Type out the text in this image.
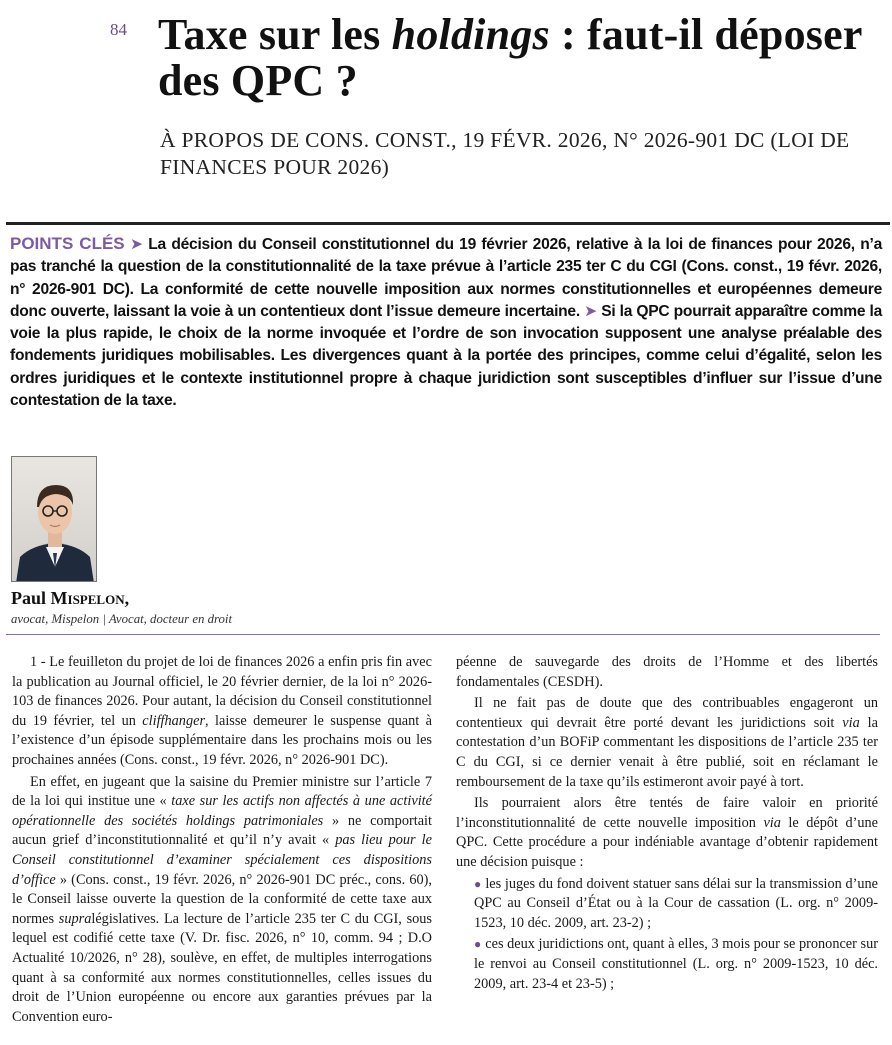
84 Taxe sur les holdings : faut-il déposer des QPC ?
À PROPOS DE CONS. CONST., 19 FÉVR. 2026, N° 2026-901 DC (LOI DE FINANCES POUR 2026)
POINTS CLÉS ➤ La décision du Conseil constitutionnel du 19 février 2026, relative à la loi de finances pour 2026, n’a pas tranché la question de la constitutionnalité de la taxe prévue à l’article 235 ter C du CGI (Cons. const., 19 févr. 2026, n° 2026-901 DC). La conformité de cette nouvelle imposition aux normes constitutionnelles et européennes demeure donc ouverte, laissant la voie à un contentieux dont l’issue demeure incertaine. ➤ Si la QPC pourrait apparaître comme la voie la plus rapide, le choix de la norme invoquée et l’ordre de son invocation supposent une analyse préalable des fondements juridiques mobilisables. Les divergences quant à la portée des principes, comme celui d’égalité, selon les ordres juridiques et le contexte institutionnel propre à chaque juridiction sont susceptibles d’influer sur l’issue d’une contestation de la taxe.
Paul Mispelon,
avocat, Mispelon | Avocat, docteur en droit

1 - Le feuilleton du projet de loi de finances 2026 a enfin pris fin avec la publication au Journal officiel, le 20 février dernier, de la loi n° 2026-103 de finances 2026. Pour autant, la décision du Conseil constitutionnel du 19 février, tel un cliffhanger, laisse demeurer le suspense quant à l’existence d’un épisode supplémentaire dans les prochains mois ou les prochaines années (Cons. const., 19 févr. 2026, n° 2026-901 DC).

En effet, en jugeant que la saisine du Premier ministre sur l’article 7 de la loi qui institue une « taxe sur les actifs non affectés à une activité opérationnelle des sociétés holdings patrimoniales » ne comportait aucun grief d’inconstitutionnalité et qu’il n’y avait « pas lieu pour le Conseil constitutionnel d’examiner spécialement ces dispositions d’office » (Cons. const., 19 févr. 2026, n° 2026-901 DC préc., cons. 60), le Conseil laisse ouverte la question de la conformité de cette taxe aux normes supralégislatives. La lecture de l’article 235 ter C du CGI, sous lequel est codifié cette taxe (V. Dr. fisc. 2026, n° 10, comm. 94 ; D.O Actualité 10/2026, n° 28), soulève, en effet, de multiples interrogations quant à sa conformité aux normes constitutionnelles, celles issues du droit de l’Union européenne ou encore aux garanties prévues par la Convention euro-

péenne de sauvegarde des droits de l’Homme et des libertés fondamentales (CESDH).

Il ne fait pas de doute que des contribuables engageront un contentieux qui devrait être porté devant les juridictions soit via la contestation d’un BOFiP commentant les dispositions de l’article 235 ter C du CGI, si ce dernier venait à être publié, soit en réclamant le remboursement de la taxe qu’ils estimeront avoir payé à tort.

Ils pourraient alors être tentés de faire valoir en priorité l’inconstitutionnalité de cette nouvelle imposition via le dépôt d’une QPC. Cette procédure a pour indéniable avantage d’obtenir rapidement une décision puisque :

● les juges du fond doivent statuer sans délai sur la transmission d’une QPC au Conseil d’État ou à la Cour de cassation (L. org. n° 2009-1523, 10 déc. 2009, art. 23-2) ;

● ces deux juridictions ont, quant à elles, 3 mois pour se prononcer sur le renvoi au Conseil constitutionnel (L. org. n° 2009-1523, 10 déc. 2009, art. 23-4 et 23-5) ;
